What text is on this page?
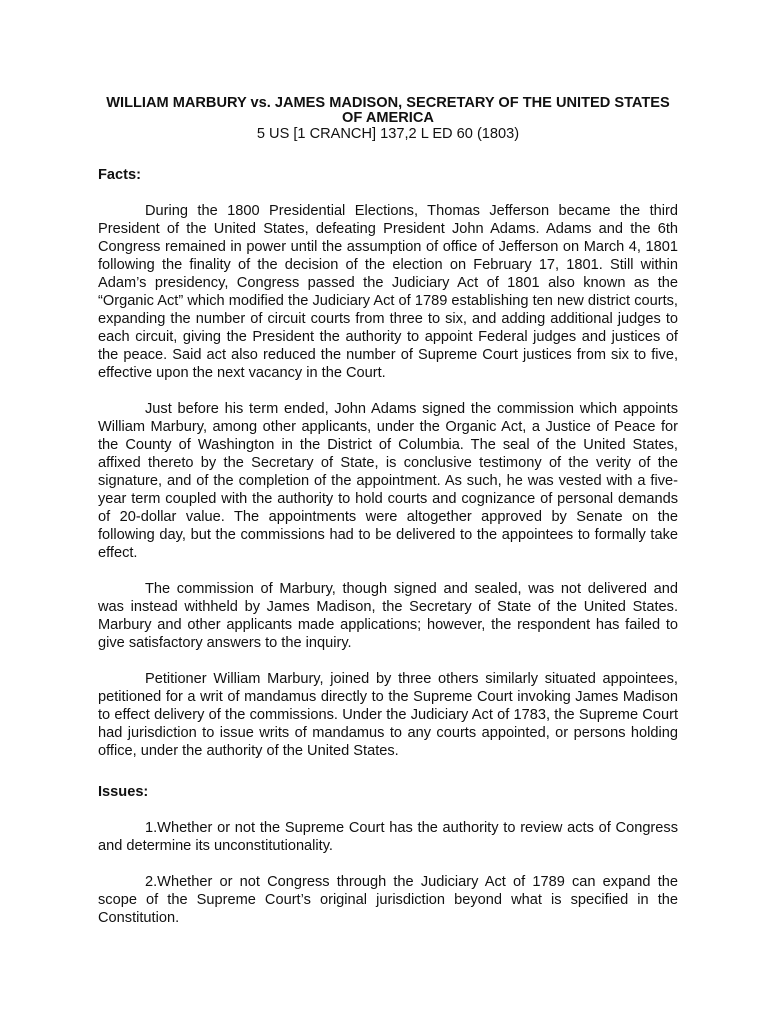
WILLIAM MARBURY vs. JAMES MADISON, SECRETARY OF THE UNITED STATES OF AMERICA
5 US [1 CRANCH] 137,2 L ED 60 (1803)
Facts:

During the 1800 Presidential Elections, Thomas Jefferson became the third President of the United States, defeating President John Adams. Adams and the 6th Congress remained in power until the assumption of office of Jefferson on March 4, 1801 following the finality of the decision of the election on February 17, 1801. Still within Adam’s presidency, Congress passed the Judiciary Act of 1801 also known as the “Organic Act” which modified the Judiciary Act of 1789 establishing ten new district courts, expanding the number of circuit courts from three to six, and adding additional judges to each circuit, giving the President the authority to appoint Federal judges and justices of the peace. Said act also reduced the number of Supreme Court justices from six to five, effective upon the next vacancy in the Court.

Just before his term ended, John Adams signed the commission which appoints William Marbury, among other applicants, under the Organic Act, a Justice of Peace for the County of Washington in the District of Columbia. The seal of the United States, affixed thereto by the Secretary of State, is conclusive testimony of the verity of the signature, and of the completion of the appointment. As such, he was vested with a five-year term coupled with the authority to hold courts and cognizance of personal demands of 20-dollar value. The appointments were altogether approved by Senate on the following day, but the commissions had to be delivered to the appointees to formally take effect.

The commission of Marbury, though signed and sealed, was not delivered and was instead withheld by James Madison, the Secretary of State of the United States. Marbury and other applicants made applications; however, the respondent has failed to give satisfactory answers to the inquiry.

Petitioner William Marbury, joined by three others similarly situated appointees, petitioned for a writ of mandamus directly to the Supreme Court invoking James Madison to effect delivery of the commissions. Under the Judiciary Act of 1783, the Supreme Court had jurisdiction to issue writs of mandamus to any courts appointed, or persons holding office, under the authority of the United States.

Issues:

1.Whether or not the Supreme Court has the authority to review acts of Congress and determine its unconstitutionality.

2.Whether or not Congress through the Judiciary Act of 1789 can expand the scope of the Supreme Court’s original jurisdiction beyond what is specified in the Constitution.
